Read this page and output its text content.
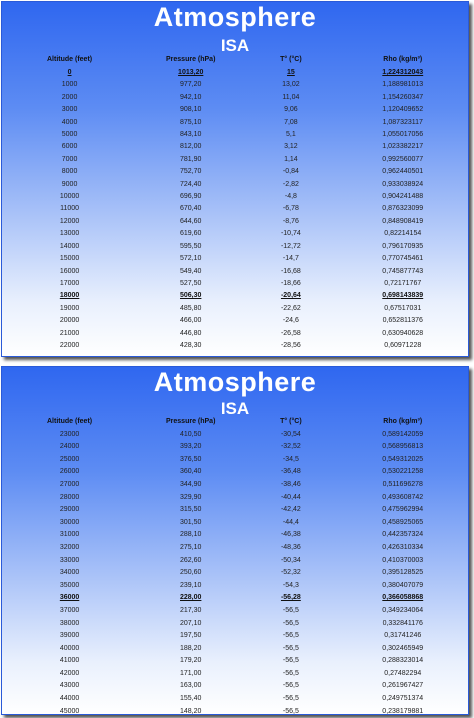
Atmosphere
ISA
Altitude (feet)	Pressure (hPa)	T° (°C)	Rho (kg/m³)
0	1013,20	15	1,224312043
1000	977,20	13,02	1,188981013
2000	942,10	11,04	1,154260347
3000	908,10	9,06	1,120409652
4000	875,10	7,08	1,087323117
5000	843,10	5,1	1,055017056
6000	812,00	3,12	1,023382217
7000	781,90	1,14	0,992560077
8000	752,70	-0,84	0,962440501
9000	724,40	-2,82	0,933038924
10000	696,90	-4,8	0,904241488
11000	670,40	-6,78	0,876323099
12000	644,60	-8,76	0,848908419
13000	619,60	-10,74	0,82214154
14000	595,50	-12,72	0,796170935
15000	572,10	-14,7	0,770745461
16000	549,40	-16,68	0,745877743
17000	527,50	-18,66	0,72171767
18000	506,30	-20,64	0,698143839
19000	485,80	-22,62	0,67517031
20000	466,00	-24,6	0,652811376
21000	446,80	-26,58	0,630940628
22000	428,30	-28,56	0,60971228
Atmosphere
ISA
Altitude (feet)	Pressure (hPa)	T° (°C)	Rho (kg/m³)
23000	410,50	-30,54	0,589142059
24000	393,20	-32,52	0,568956813
25000	376,50	-34,5	0,549312025
26000	360,40	-36,48	0,530221258
27000	344,90	-38,46	0,511696278
28000	329,90	-40,44	0,493608742
29000	315,50	-42,42	0,475962994
30000	301,50	-44,4	0,458925065
31000	288,10	-46,38	0,442357324
32000	275,10	-48,36	0,426310334
33000	262,60	-50,34	0,410370003
34000	250,60	-52,32	0,395128525
35000	239,10	-54,3	0,380407079
36000	228,00	-56,28	0,366058868
37000	217,30	-56,5	0,349234064
38000	207,10	-56,5	0,332841176
39000	197,50	-56,5	0,31741246
40000	188,20	-56,5	0,302465949
41000	179,20	-56,5	0,288323014
42000	171,00	-56,5	0,27482294
43000	163,00	-56,5	0,261967427
44000	155,40	-56,5	0,249751374
45000	148,20	-56,5	0,238179881
